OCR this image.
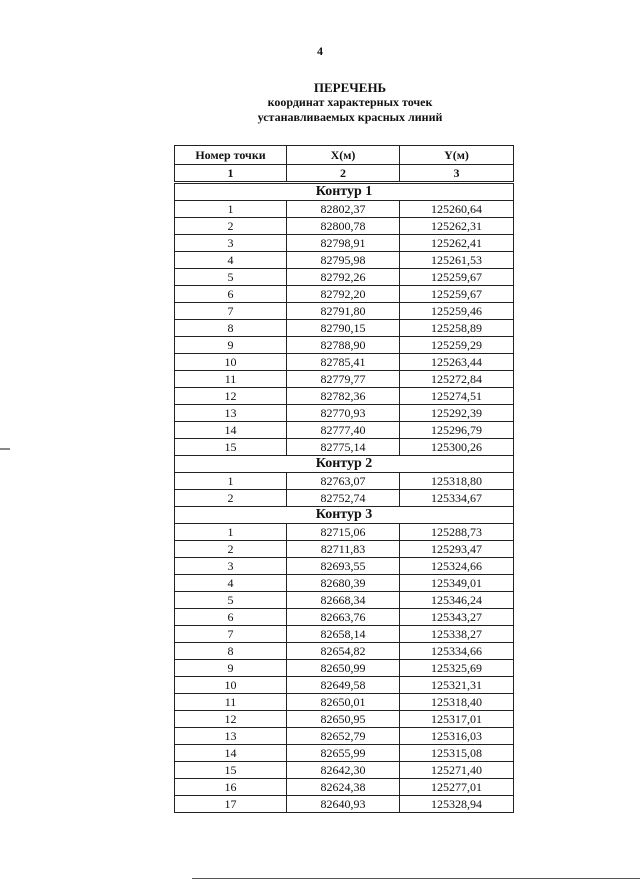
4
ПЕРЕЧЕНЬ
координат характерных точек
устанавливаемых красных линий
Номер точки	Х(м)	Y(м)
1	2	3
Контур 1		
1	82802,37	125260,64
2	82800,78	125262,31
3	82798,91	125262,41
4	82795,98	125261,53
5	82792,26	125259,67
6	82792,20	125259,67
7	82791,80	125259,46
8	82790,15	125258,89
9	82788,90	125259,29
10	82785,41	125263,44
11	82779,77	125272,84
12	82782,36	125274,51
13	82770,93	125292,39
14	82777,40	125296,79
15	82775,14	125300,26
Контур 2		
1	82763,07	125318,80
2	82752,74	125334,67
Контур 3		
1	82715,06	125288,73
2	82711,83	125293,47
3	82693,55	125324,66
4	82680,39	125349,01
5	82668,34	125346,24
6	82663,76	125343,27
7	82658,14	125338,27
8	82654,82	125334,66
9	82650,99	125325,69
10	82649,58	125321,31
11	82650,01	125318,40
12	82650,95	125317,01
13	82652,79	125316,03
14	82655,99	125315,08
15	82642,30	125271,40
16	82624,38	125277,01
17	82640,93	125328,94
